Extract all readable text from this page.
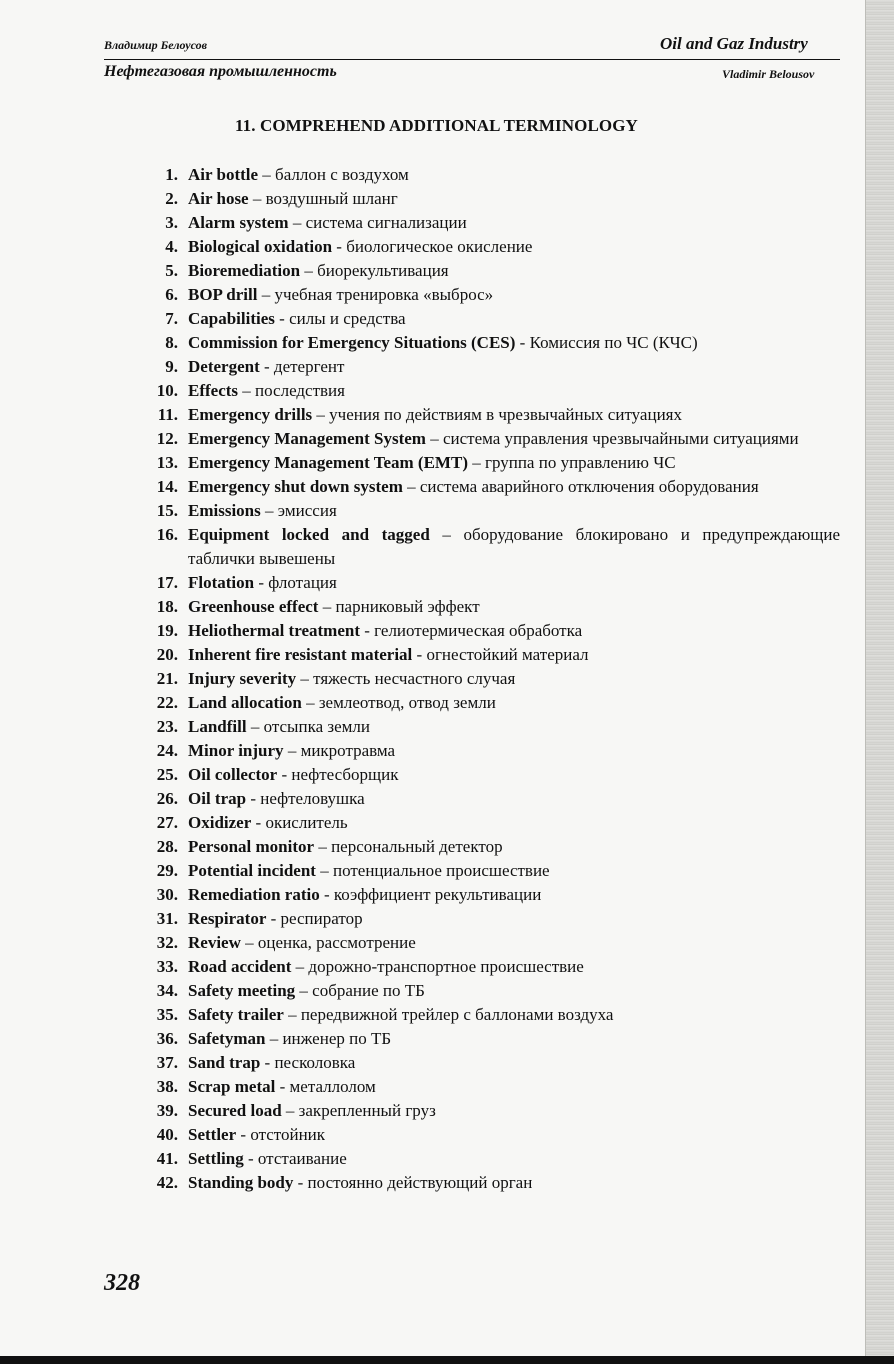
Владимир Белоусов	Oil and Gaz Industry
Нефтегазовая промышленность	Vladimir Belousov
11. COMPREHEND ADDITIONAL TERMINOLOGY
1. Air bottle – баллон с воздухом
2. Air hose – воздушный шланг
3. Alarm system – система сигнализации
4. Biological oxidation - биологическое окисление
5. Bioremediation – биорекультивация
6. BOP drill – учебная тренировка «выброс»
7. Capabilities - силы и средства
8. Commission for Emergency Situations (CES) - Комиссия по ЧС (КЧС)
9. Detergent - детергент
10. Effects – последствия
11. Emergency drills – учения по действиям в чрезвычайных ситуациях
12. Emergency Management System – система управления чрезвычайными ситуациями
13. Emergency Management Team (EMT) – группа по управлению ЧС
14. Emergency shut down system – система аварийного отключения оборудования
15. Emissions – эмиссия
16. Equipment locked and tagged – оборудование блокировано и предупреждающие таблички вывешены
17. Flotation - флотация
18. Greenhouse effect – парниковый эффект
19. Heliothermal treatment - гелиотермическая обработка
20. Inherent fire resistant material - огнестойкий материал
21. Injury severity – тяжесть несчастного случая
22. Land allocation – землеотвод, отвод земли
23. Landfill – отсыпка земли
24. Minor injury – микротравма
25. Oil collector - нефтесборщик
26. Oil trap - нефтеловушка
27. Oxidizer - окислитель
28. Personal monitor – персональный детектор
29. Potential incident – потенциальное происшествие
30. Remediation ratio - коэффициент рекультивации
31. Respirator - респиратор
32. Review – оценка, рассмотрение
33. Road accident – дорожно-транспортное происшествие
34. Safety meeting – собрание по ТБ
35. Safety trailer – передвижной трейлер с баллонами воздуха
36. Safetyman – инженер по ТБ
37. Sand trap - песколовка
38. Scrap metal - металлолом
39. Secured load – закрепленный груз
40. Settler - отстойник
41. Settling - отстаивание
42. Standing body - постоянно действующий орган
328
